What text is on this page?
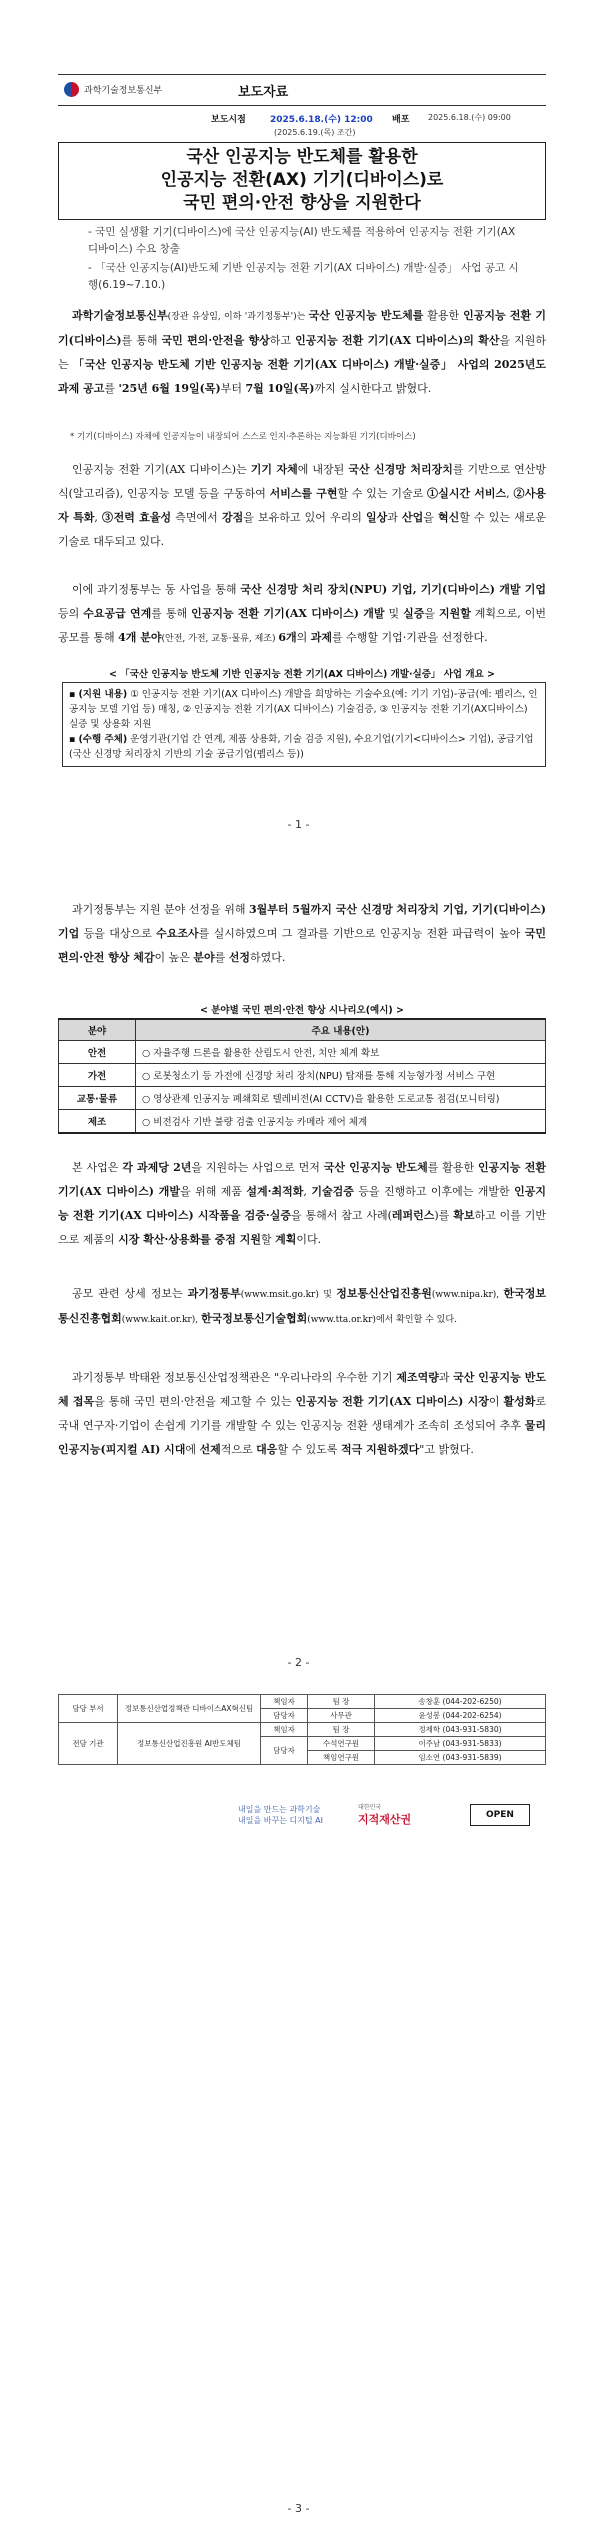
과학기술정보통신부	보도자료
보도시점	2025.6.18.(수) 12:00
(2025.6.19.(목) 조간)
배포 2025.6.18.(수) 09:00
국산 인공지능 반도체를 활용한
인공지능 전환(AX) 기기(디바이스)로
국민 편의·안전 향상을 지원한다
- 국민 실생활 기기(디바이스)에 국산 인공지능(AI) 반도체를 적용하여 인공지능 전환 기기(AX 디바이스) 수요 창출
- 「국산 인공지능(AI)반도체 기반 인공지능 전환 기기(AX 디바이스) 개발·실증」 사업 공고 시행(6.19~7.10.)
과학기술정보통신부(장관 유상임, 이하 '과기정통부')는 국산 인공지능 반도체를 활용한 인공지능 전환 기기(디바이스)를 통해 국민 편의·안전을 향상하고 인공지능 전환 기기(AX 디바이스)의 확산을 지원하는 「국산 인공지능 반도체 기반 인공지능 전환 기기(AX 디바이스) 개발·실증」 사업의 2025년도 과제 공고를 '25년 6월 19일(목)부터 7월 10일(목)까지 실시한다고 밝혔다.
* 기기(디바이스) 자체에 인공지능이 내장되어 스스로 인지·추론하는 지능화된 기기(디바이스)
인공지능 전환 기기(AX 디바이스)는 기기 자체에 내장된 국산 신경망 처리장치를 기반으로 연산방식(알고리즘), 인공지능 모델 등을 구동하여 서비스를 구현할 수 있는 기술로 ①실시간 서비스, ②사용자 특화, ③전력 효율성 측면에서 강점을 보유하고 있어 우리의 일상과 산업을 혁신할 수 있는 새로운 기술로 대두되고 있다.
이에 과기정통부는 동 사업을 통해 국산 신경망 처리 장치(NPU) 기업, 기기(디바이스) 개발 기업 등의 수요공급 연계를 통해 인공지능 전환 기기(AX 디바이스) 개발 및 실증을 지원할 계획으로, 이번 공모를 통해 4개 분야(안전, 가전, 교통·물류, 제조) 6개의 과제를 수행할 기업·기관을 선정한다.
< 「국산 인공지능 반도체 기반 인공지능 전환 기기(AX 디바이스) 개발·실증」 사업 개요 >
▪ (지원 내용) ① 인공지능 전환 기기(AX 디바이스) 개발을 희망하는 기술수요(예: 기기 기업)-공급(예: 펩리스, 인공지능 모델 기업 등) 매칭, ② 인공지능 전환 기기(AX 디바이스) 기술검증, ③ 인공지능 전환 기기(AX디바이스) 실증 및 상용화 지원
▪ (수행 주체) 운영기관(기업 간 연계, 제품 상용화, 기술 검증 지원), 수요기업(기기<디바이스> 기업), 공급기업(국산 신경망 처리장치 기반의 기술 공급기업(펩리스 등))
- 1 -
과기정통부는 지원 분야 선정을 위해 3월부터 5월까지 국산 신경망 처리장치 기업, 기기(디바이스) 기업 등을 대상으로 수요조사를 실시하였으며 그 결과를 기반으로 인공지능 전환 파급력이 높아 국민 편의·안전 향상 체감이 높은 분야를 선정하였다.
< 분야별 국민 편의·안전 향상 시나리오(예시) >
분야	주요 내용(안)
안전	○ 자율주행 드론을 활용한 산림도시 안전, 치안 체계 확보
가전	○ 로봇청소기 등 가전에 신경망 처리 장치(NPU) 탑재를 통해 지능형가정 서비스 구현
교통·물류	○ 영상관제 인공지능 폐쇄회로 텔레비전(AI CCTV)을 활용한 도로교통 점검(모니터링)
제조	○ 비전검사 기반 불량 검출 인공지능 카메라 제어 체계
본 사업은 각 과제당 2년을 지원하는 사업으로 먼저 국산 인공지능 반도체를 활용한 인공지능 전환 기기(AX 디바이스) 개발을 위해 제품 설계·최적화, 기술검증 등을 진행하고 이후에는 개발한 인공지능 전환 기기(AX 디바이스) 시작품을 검증·실증을 통해서 참고 사례(레퍼런스)를 확보하고 이를 기반으로 제품의 시장 확산·상용화를 중점 지원할 계획이다.
공모 관련 상세 정보는 과기정통부(www.msit.go.kr) 및 정보통신산업진흥원(www.nipa.kr), 한국정보통신진흥협회(www.kait.or.kr), 한국정보통신기술협회(www.tta.or.kr)에서 확인할 수 있다.
과기정통부 박태완 정보통신산업정책관은 "우리나라의 우수한 기기 제조역량과 국산 인공지능 반도체 접목을 통해 국민 편의·안전을 제고할 수 있는 인공지능 전환 기기(AX 디바이스) 시장이 활성화로 국내 연구자·기업이 손쉽게 기기를 개발할 수 있는 인공지능 전환 생태계가 조속히 조성되어 추후 물리 인공지능(피지컬 AI) 시대에 선제적으로 대응할 수 있도록 적극 지원하겠다"고 밝혔다.
- 2 -
담당 부서	정보통신산업정책관 디바이스AX혁신팀	책임자	팀 장	송창훈 (044-202-6250)
		담당자	사무관	윤성봉 (044-202-6254)
전담 기관	정보통신산업진흥원 AI반도체팀	책임자	팀 장	정제학 (043-931-5830)
		담당자	수석연구원	이주남 (043-931-5833)
			책임연구원	임소연 (043-931-5839)
내일을 만드는 과학기술
내일을 바꾸는 디지털 AI
대한민국
지적재산권	OPEN
- 3 -
